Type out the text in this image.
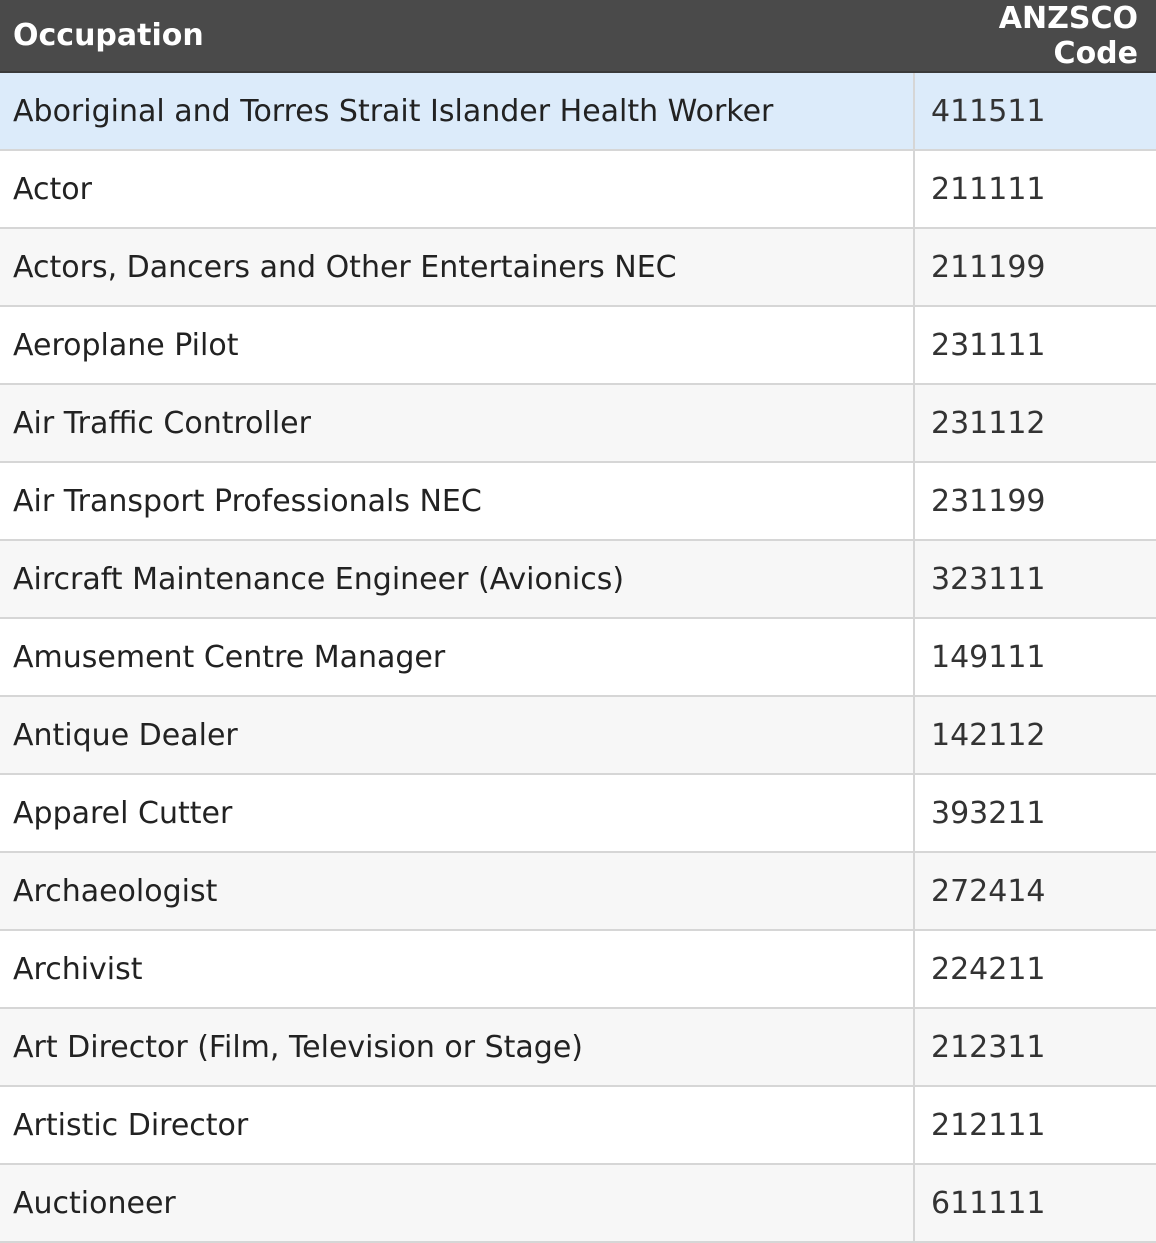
Occupation	ANZSCO Code
Aboriginal and Torres Strait Islander Health Worker	411511
Actor	211111
Actors, Dancers and Other Entertainers NEC	211199
Aeroplane Pilot	231111
Air Traffic Controller	231112
Air Transport Professionals NEC	231199
Aircraft Maintenance Engineer (Avionics)	323111
Amusement Centre Manager	149111
Antique Dealer	142112
Apparel Cutter	393211
Archaeologist	272414
Archivist	224211
Art Director (Film, Television or Stage)	212311
Artistic Director	212111
Auctioneer	611111
